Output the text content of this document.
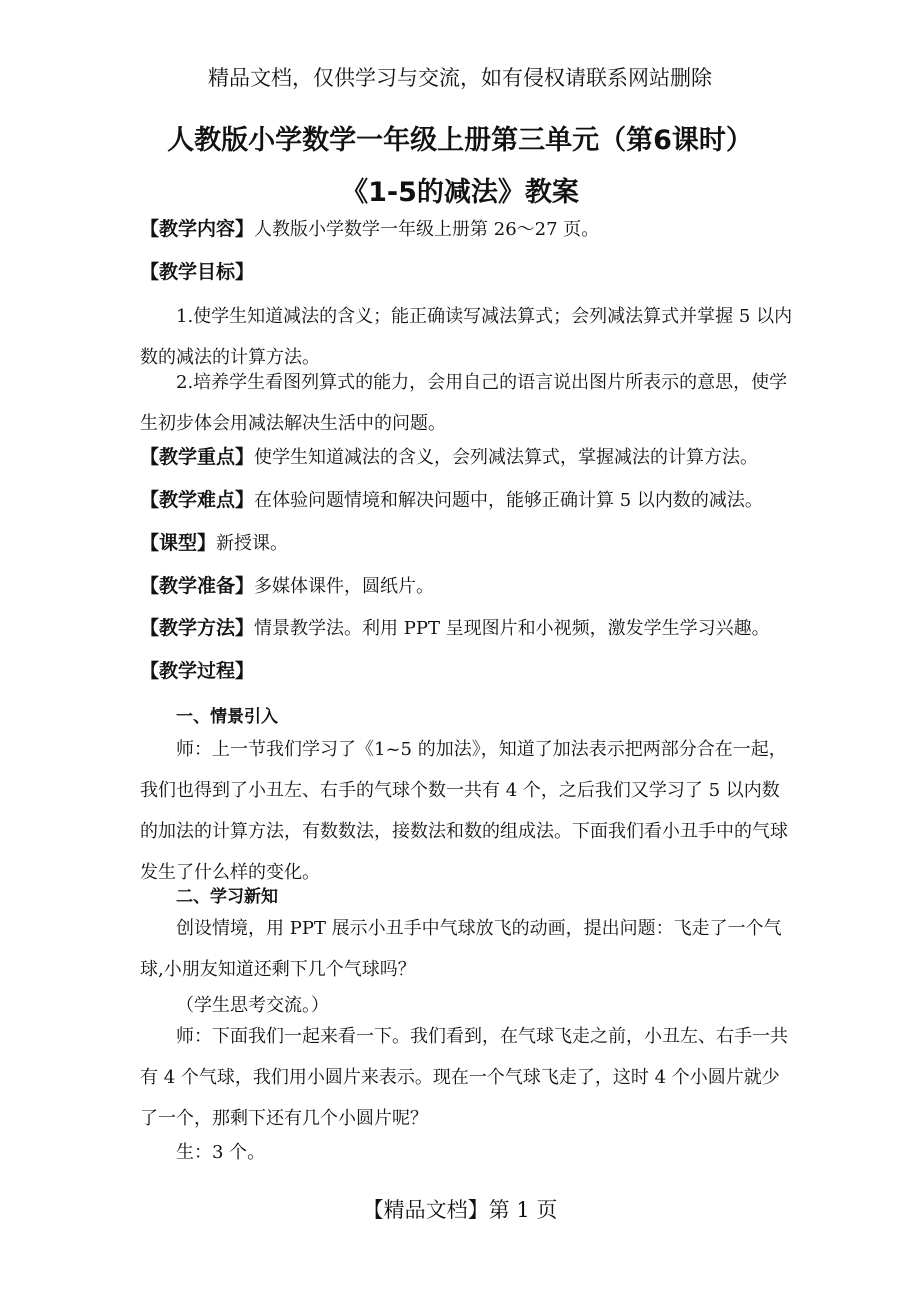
精品文档，仅供学习与交流，如有侵权请联系网站删除
人教版小学数学一年级上册第三单元（第6课时）
《1-5的减法》教案
【教学内容】人教版小学数学一年级上册第 26～27 页。
【教学目标】
1.使学生知道减法的含义；能正确读写减法算式；会列减法算式并掌握 5 以内数的减法的计算方法。
2.培养学生看图列算式的能力，会用自己的语言说出图片所表示的意思，使学生初步体会用减法解决生活中的问题。
【教学重点】使学生知道减法的含义，会列减法算式，掌握减法的计算方法。
【教学难点】在体验问题情境和解决问题中，能够正确计算 5 以内数的减法。
【课型】新授课。
【教学准备】多媒体课件，圆纸片。
【教学方法】情景教学法。利用 PPT 呈现图片和小视频，激发学生学习兴趣。
【教学过程】
一、情景引入
师：上一节我们学习了《1~5 的加法》，知道了加法表示把两部分合在一起，我们也得到了小丑左、右手的气球个数一共有 4 个，之后我们又学习了 5 以内数的加法的计算方法，有数数法，接数法和数的组成法。下面我们看小丑手中的气球发生了什么样的变化。
二、学习新知
创设情境，用 PPT 展示小丑手中气球放飞的动画，提出问题：飞走了一个气球,小朋友知道还剩下几个气球吗？
（学生思考交流。）
师：下面我们一起来看一下。我们看到，在气球飞走之前，小丑左、右手一共有 4 个气球，我们用小圆片来表示。现在一个气球飞走了，这时 4 个小圆片就少了一个，那剩下还有几个小圆片呢？
生：3 个。
【精品文档】第 1 页
